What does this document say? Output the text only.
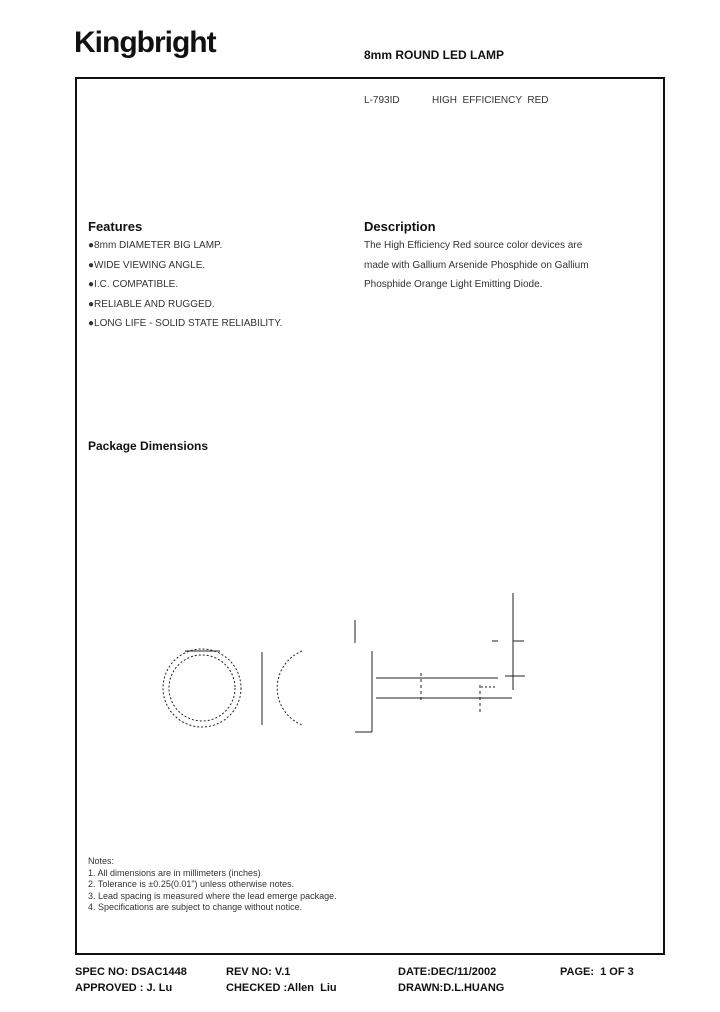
Kingbright	8mm ROUND LED LAMP
L-793ID	HIGH  EFFICIENCY  RED
Features
●8mm DIAMETER BIG LAMP.
●WIDE VIEWING ANGLE.
●I.C. COMPATIBLE.
●RELIABLE AND RUGGED.
●LONG LIFE - SOLID STATE RELIABILITY.
Description
The High Efficiency Red source color devices are
made with Gallium Arsenide Phosphide on Gallium
Phosphide Orange Light Emitting Diode.
Package Dimensions
Notes:
1. All dimensions are in millimeters (inches)
2. Tolerance is ±0.25(0.01") unless otherwise notes.
3. Lead spacing is measured where the lead emerge package.
4. Specifications are subject to change without notice.
SPEC NO: DSAC1448	REV NO: V.1	DATE:DEC/11/2002	PAGE:  1 OF 3
APPROVED : J. Lu	CHECKED :Allen  Liu	DRAWN:D.L.HUANG
